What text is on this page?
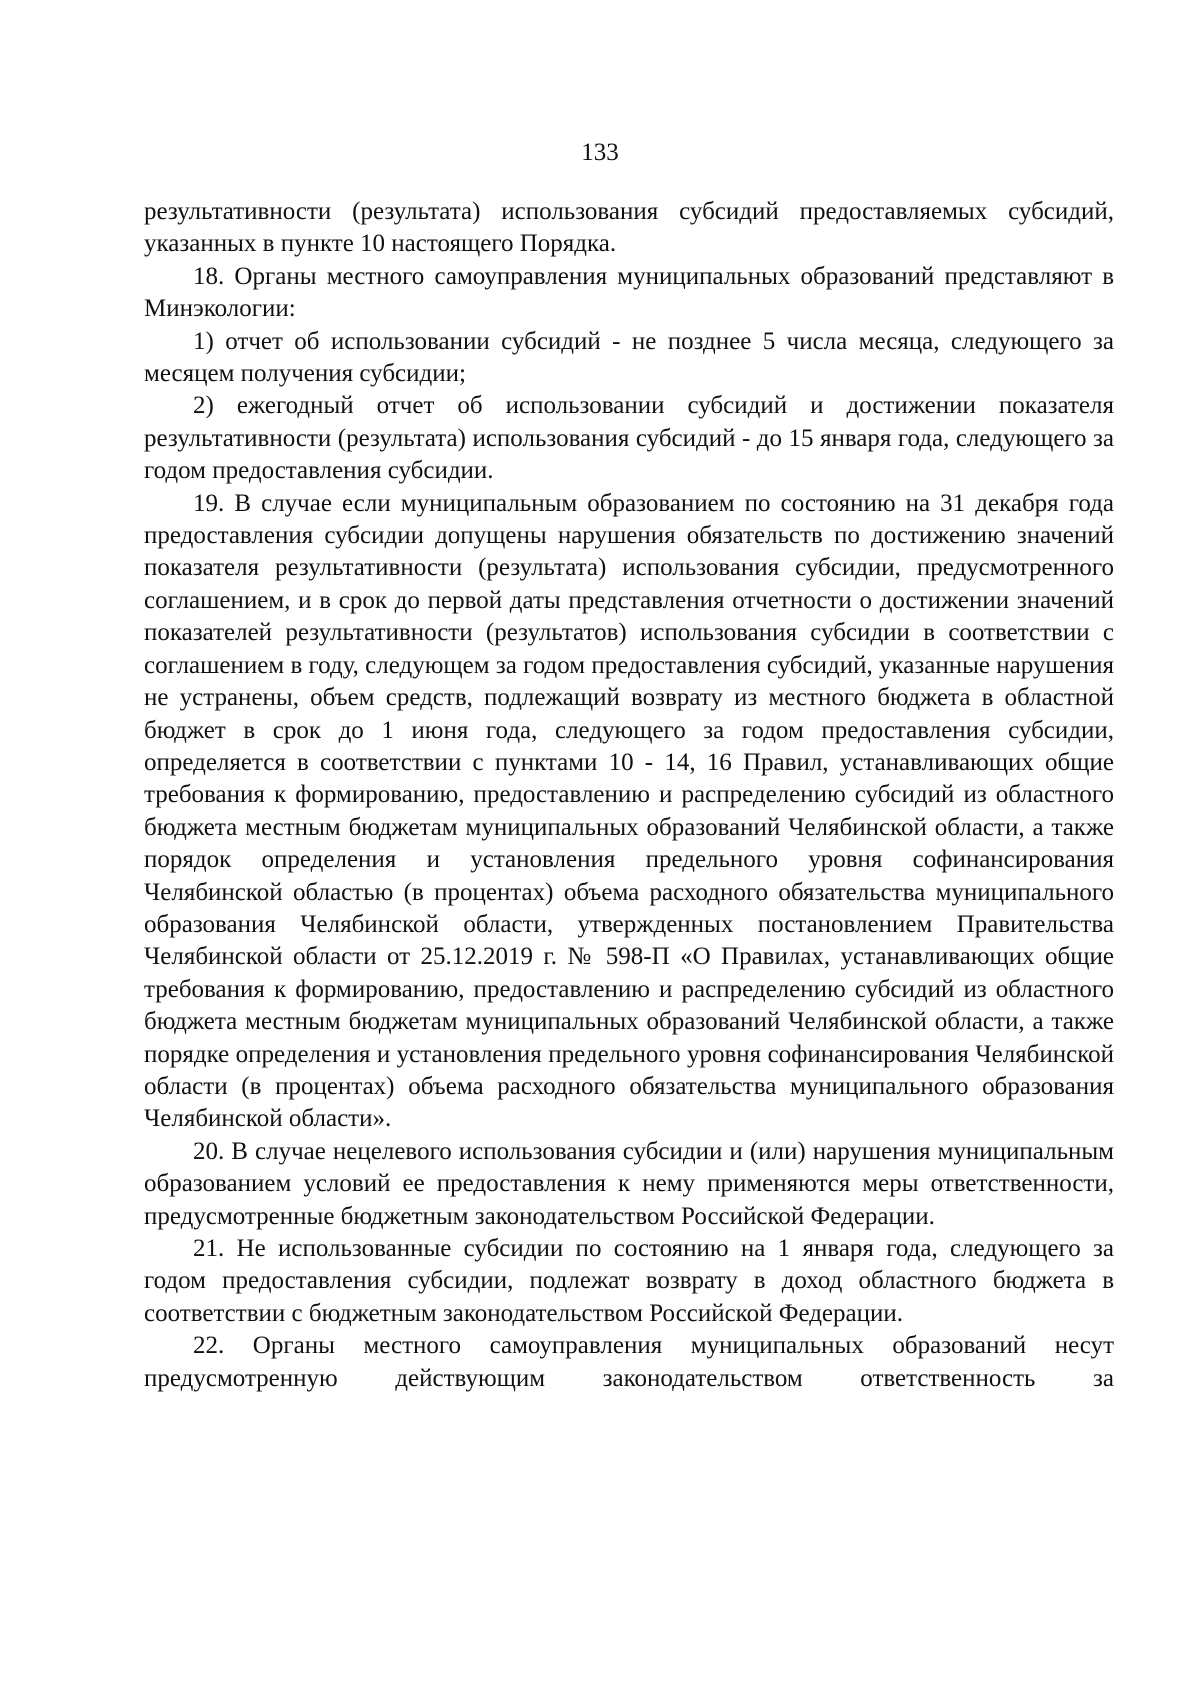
133

результативности (результата) использования субсидий предоставляемых субсидий, указанных в пункте 10 настоящего Порядка.

18. Органы местного самоуправления муниципальных образований представляют в Минэкологии:

1) отчет об использовании субсидий - не позднее 5 числа месяца, следующего за месяцем получения субсидии;

2) ежегодный отчет об использовании субсидий и достижении показателя результативности (результата) использования субсидий - до 15 января года, следующего за годом предоставления субсидии.

19. В случае если муниципальным образованием по состоянию на 31 декабря года предоставления субсидии допущены нарушения обязательств по достижению значений показателя результативности (результата) использования субсидии, предусмотренного соглашением, и в срок до первой даты представления отчетности о достижении значений показателей результативности (результатов) использования субсидии в соответствии с соглашением в году, следующем за годом предоставления субсидий, указанные нарушения не устранены, объем средств, подлежащий возврату из местного бюджета в областной бюджет в срок до 1 июня года, следующего за годом предоставления субсидии, определяется в соответствии с пунктами 10 - 14, 16 Правил, устанавливающих общие требования к формированию, предоставлению и распределению субсидий из областного бюджета местным бюджетам муниципальных образований Челябинской области, а также порядок определения и установления предельного уровня софинансирования Челябинской областью (в процентах) объема расходного обязательства муниципального образования Челябинской области, утвержденных постановлением Правительства Челябинской области от 25.12.2019 г. № 598-П «О Правилах, устанавливающих общие требования к формированию, предоставлению и распределению субсидий из областного бюджета местным бюджетам муниципальных образований Челябинской области, а также порядке определения и установления предельного уровня софинансирования Челябинской области (в процентах) объема расходного обязательства муниципального образования Челябинской области».

20. В случае нецелевого использования субсидии и (или) нарушения муниципальным образованием условий ее предоставления к нему применяются меры ответственности, предусмотренные бюджетным законодательством Российской Федерации.

21. Не использованные субсидии по состоянию на 1 января года, следующего за годом предоставления субсидии, подлежат возврату в доход областного бюджета в соответствии с бюджетным законодательством Российской Федерации.

22. Органы местного самоуправления муниципальных образований несут предусмотренную действующим законодательством ответственность за
